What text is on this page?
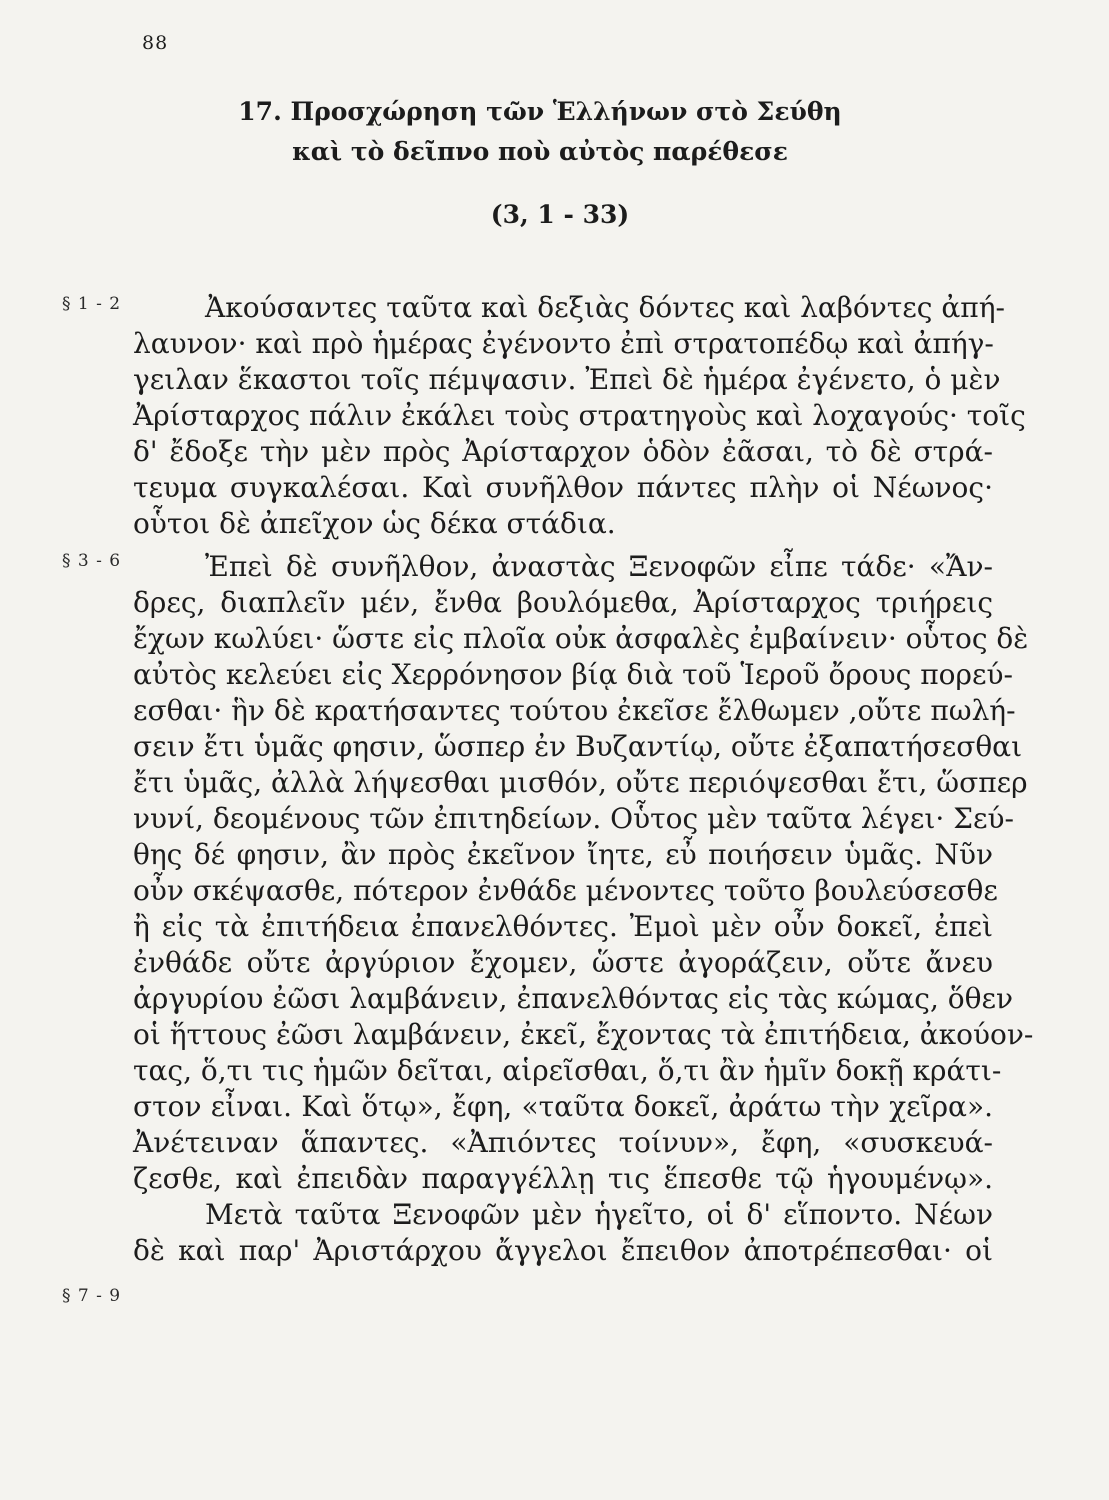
88
17. Προσχώρηση τῶν Ἑλλήνων στὸ Σεύθη
καὶ τὸ δεῖπνο ποὺ αὐτὸς παρέθεσε
(3, 1 - 33)
§ 1 - 2
§ 3 - 6
§ 7 - 9
Ἀκούσαντες ταῦτα καὶ δεξιὰς δόντες καὶ λαβόντες ἀπή-
λαυνον· καὶ πρὸ ἡμέρας ἐγένοντο ἐπὶ στρατοπέδῳ καὶ ἀπήγ-
γειλαν ἕκαστοι τοῖς πέμψασιν. Ἐπεὶ δὲ ἡμέρα ἐγένετο, ὁ μὲν
Ἀρίσταρχος πάλιν ἐκάλει τοὺς στρατηγοὺς καὶ λοχαγούς· τοῖς
δ' ἔδοξε τὴν μὲν πρὸς Ἀρίσταρχον ὁδὸν ἐᾶσαι, τὸ δὲ στρά-
τευμα συγκαλέσαι. Καὶ συνῆλθον πάντες πλὴν οἱ Νέωνος·
οὗτοι δὲ ἀπεῖχον ὡς δέκα στάδια.
Ἐπεὶ δὲ συνῆλθον, ἀναστὰς Ξενοφῶν εἶπε τάδε· «Ἄν-
δρες, διαπλεῖν μέν, ἔνθα βουλόμεθα, Ἀρίσταρχος τριήρεις
ἔχων κωλύει· ὥστε εἰς πλοῖα οὐκ ἀσφαλὲς ἐμβαίνειν· οὗτος δὲ
αὐτὸς κελεύει εἰς Χερρόνησον βίᾳ διὰ τοῦ Ἱεροῦ ὄρους πορεύ-
εσθαι· ἣν δὲ κρατήσαντες τούτου ἐκεῖσε ἔλθωμεν ,οὔτε πωλή-
σειν ἔτι ὑμᾶς φησιν, ὥσπερ ἐν Βυζαντίῳ, οὔτε ἐξαπατήσεσθαι
ἔτι ὑμᾶς, ἀλλὰ λήψεσθαι μισθόν, οὔτε περιόψεσθαι ἔτι, ὥσπερ
νυνί, δεομένους τῶν ἐπιτηδείων. Οὗτος μὲν ταῦτα λέγει· Σεύ-
θης δέ φησιν, ἂν πρὸς ἐκεῖνον ἴητε, εὖ ποιήσειν ὑμᾶς. Νῦν
οὖν σκέψασθε, πότερον ἐνθάδε μένοντες τοῦτο βουλεύσεσθε
ἢ εἰς τὰ ἐπιτήδεια ἐπανελθόντες. Ἐμοὶ μὲν οὖν δοκεῖ, ἐπεὶ
ἐνθάδε οὔτε ἀργύριον ἔχομεν, ὥστε ἀγοράζειν, οὔτε ἄνευ
ἀργυρίου ἐῶσι λαμβάνειν, ἐπανελθόντας εἰς τὰς κώμας, ὅθεν
οἱ ἥττους ἐῶσι λαμβάνειν, ἐκεῖ, ἔχοντας τὰ ἐπιτήδεια, ἀκούον-
τας, ὅ,τι τις ἡμῶν δεῖται, αἱρεῖσθαι, ὅ,τι ἂν ἡμῖν δοκῇ κράτι-
στον εἶναι. Καὶ ὅτῳ», ἔφη, «ταῦτα δοκεῖ, ἀράτω τὴν χεῖρα».
Ἀνέτειναν ἅπαντες. «Ἀπιόντες τοίνυν», ἔφη, «συσκευά-
ζεσθε, καὶ ἐπειδὰν παραγγέλλῃ τις ἕπεσθε τῷ ἡγουμένῳ».
Μετὰ ταῦτα Ξενοφῶν μὲν ἡγεῖτο, οἱ δ' εἵποντο. Νέων
δὲ καὶ παρ' Ἀριστάρχου ἄγγελοι ἔπειθον ἀποτρέπεσθαι· οἱ
